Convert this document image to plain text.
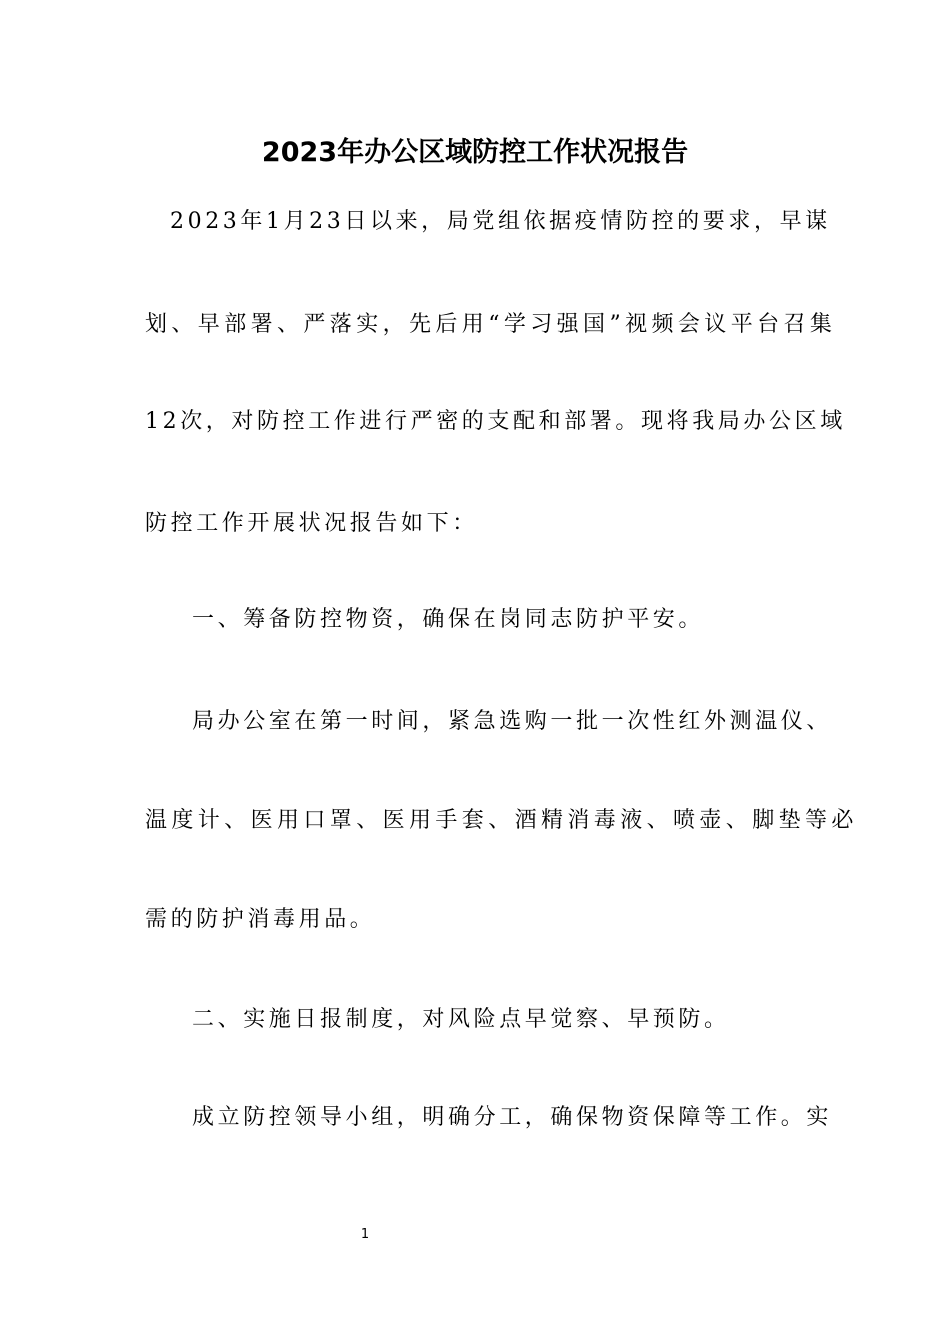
2023年办公区域防控工作状况报告
2023年1月23日以来，局党组依据疫情防控的要求，早谋
划、早部署、严落实，先后用“学习强国”视频会议平台召集
12次，对防控工作进行严密的支配和部署。现将我局办公区域
防控工作开展状况报告如下：
一、筹备防控物资，确保在岗同志防护平安。
局办公室在第一时间，紧急选购一批一次性红外测温仪、
温度计、医用口罩、医用手套、酒精消毒液、喷壶、脚垫等必
需的防护消毒用品。
二、实施日报制度，对风险点早觉察、早预防。
成立防控领导小组，明确分工，确保物资保障等工作。实
1
